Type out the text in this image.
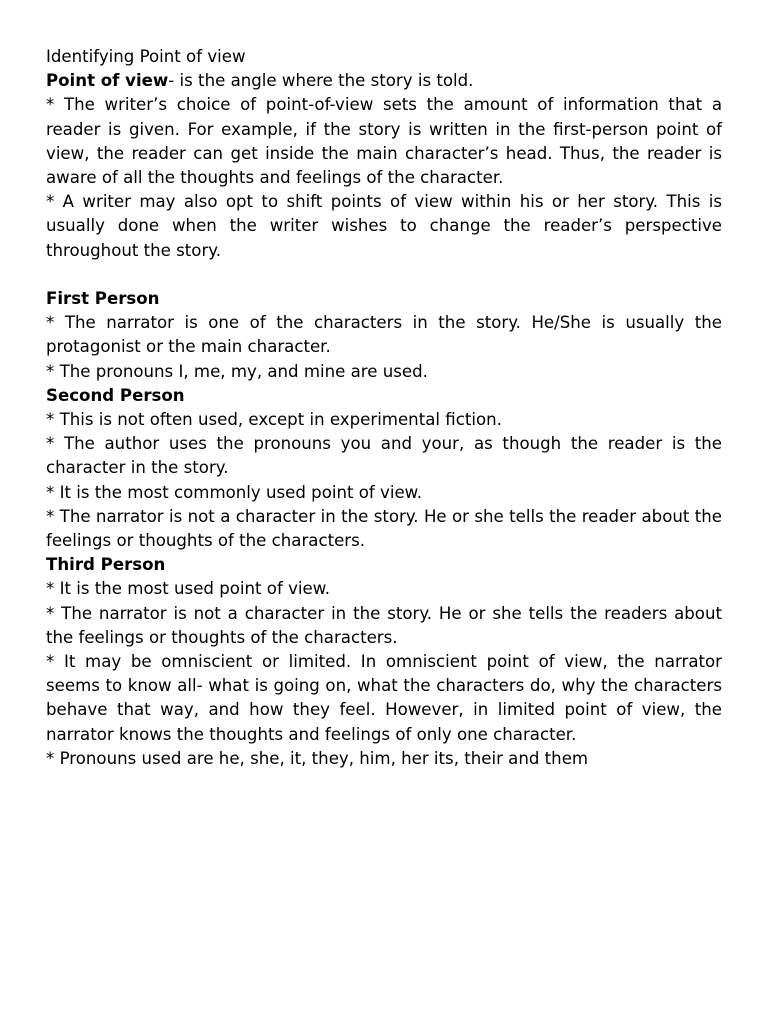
Identifying Point of view

Point of view- is the angle where the story is told.

* The writer’s choice of point-of-view sets the amount of information that a reader is given. For example, if the story is written in the first-person point of view, the reader can get inside the main character’s head. Thus, the reader is aware of all the thoughts and feelings of the character.

* A writer may also opt to shift points of view within his or her story. This is usually done when the writer wishes to change the reader’s perspective throughout the story.

First Person

* The narrator is one of the characters in the story. He/She is usually the protagonist or the main character.

* The pronouns I, me, my, and mine are used.

Second Person

* This is not often used, except in experimental fiction.

* The author uses the pronouns you and your, as though the reader is the character in the story.

* It is the most commonly used point of view.

* The narrator is not a character in the story. He or she tells the reader about the feelings or thoughts of the characters.

Third Person

* It is the most used point of view.

* The narrator is not a character in the story. He or she tells the readers about the feelings or thoughts of the characters.

* It may be omniscient or limited. In omniscient point of view, the narrator seems to know all- what is going on, what the characters do, why the characters behave that way, and how they feel. However, in limited point of view, the narrator knows the thoughts and feelings of only one character.

* Pronouns used are he, she, it, they, him, her its, their and them
